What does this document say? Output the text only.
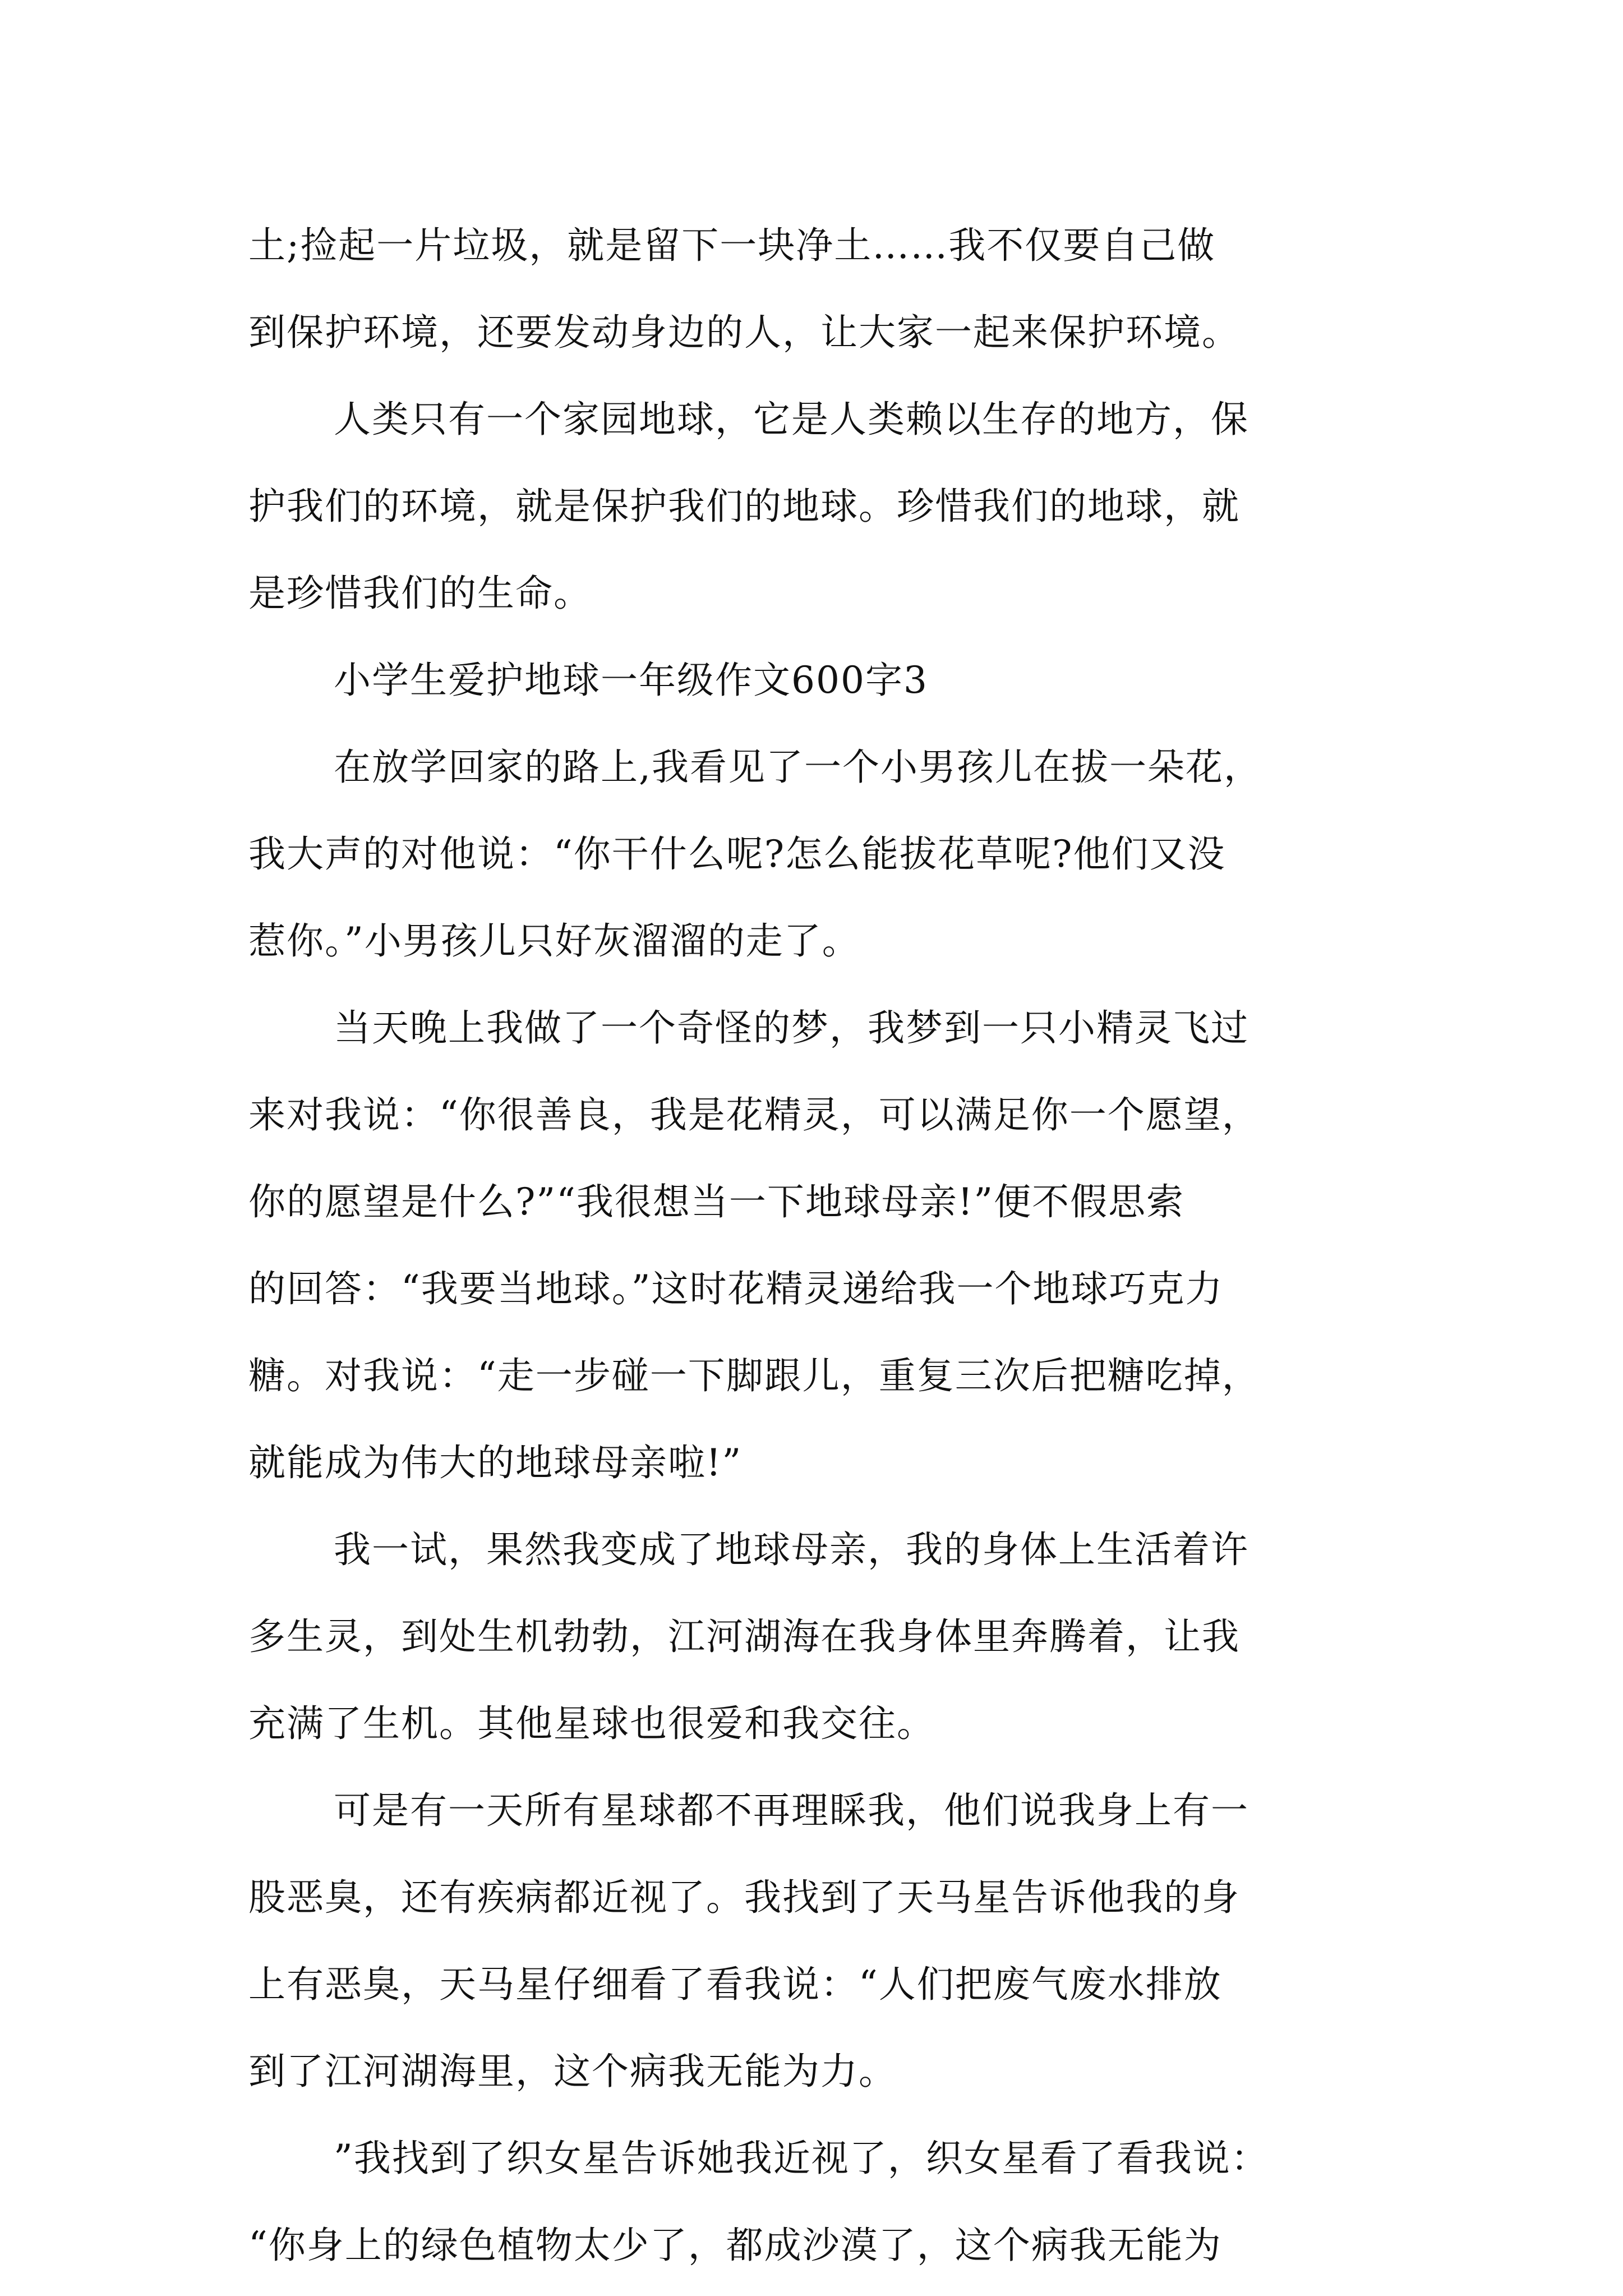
土;捡起一片垃圾，就是留下一块净土……我不仅要自己做
到保护环境，还要发动身边的人，让大家一起来保护环境。

人类只有一个家园地球，它是人类赖以生存的地方，保
护我们的环境，就是保护我们的地球。珍惜我们的地球，就
是珍惜我们的生命。

小学生爱护地球一年级作文600字3

在放学回家的路上,我看见了一个小男孩儿在拔一朵花，
我大声的对他说：“你干什么呢?怎么能拔花草呢?他们又没
惹你。”小男孩儿只好灰溜溜的走了。

当天晚上我做了一个奇怪的梦，我梦到一只小精灵飞过
来对我说：“你很善良，我是花精灵，可以满足你一个愿望，
你的愿望是什么?”“我很想当一下地球母亲!”便不假思索
的回答：“我要当地球。”这时花精灵递给我一个地球巧克力
糖。对我说：“走一步碰一下脚跟儿，重复三次后把糖吃掉，
就能成为伟大的地球母亲啦!”

我一试，果然我变成了地球母亲，我的身体上生活着许
多生灵，到处生机勃勃，江河湖海在我身体里奔腾着，让我
充满了生机。其他星球也很爱和我交往。

可是有一天所有星球都不再理睬我，他们说我身上有一
股恶臭，还有疾病都近视了。我找到了天马星告诉他我的身
上有恶臭，天马星仔细看了看我说：“人们把废气废水排放
到了江河湖海里，这个病我无能为力。

”我找到了织女星告诉她我近视了，织女星看了看我说：
“你身上的绿色植物太少了，都成沙漠了，这个病我无能为
